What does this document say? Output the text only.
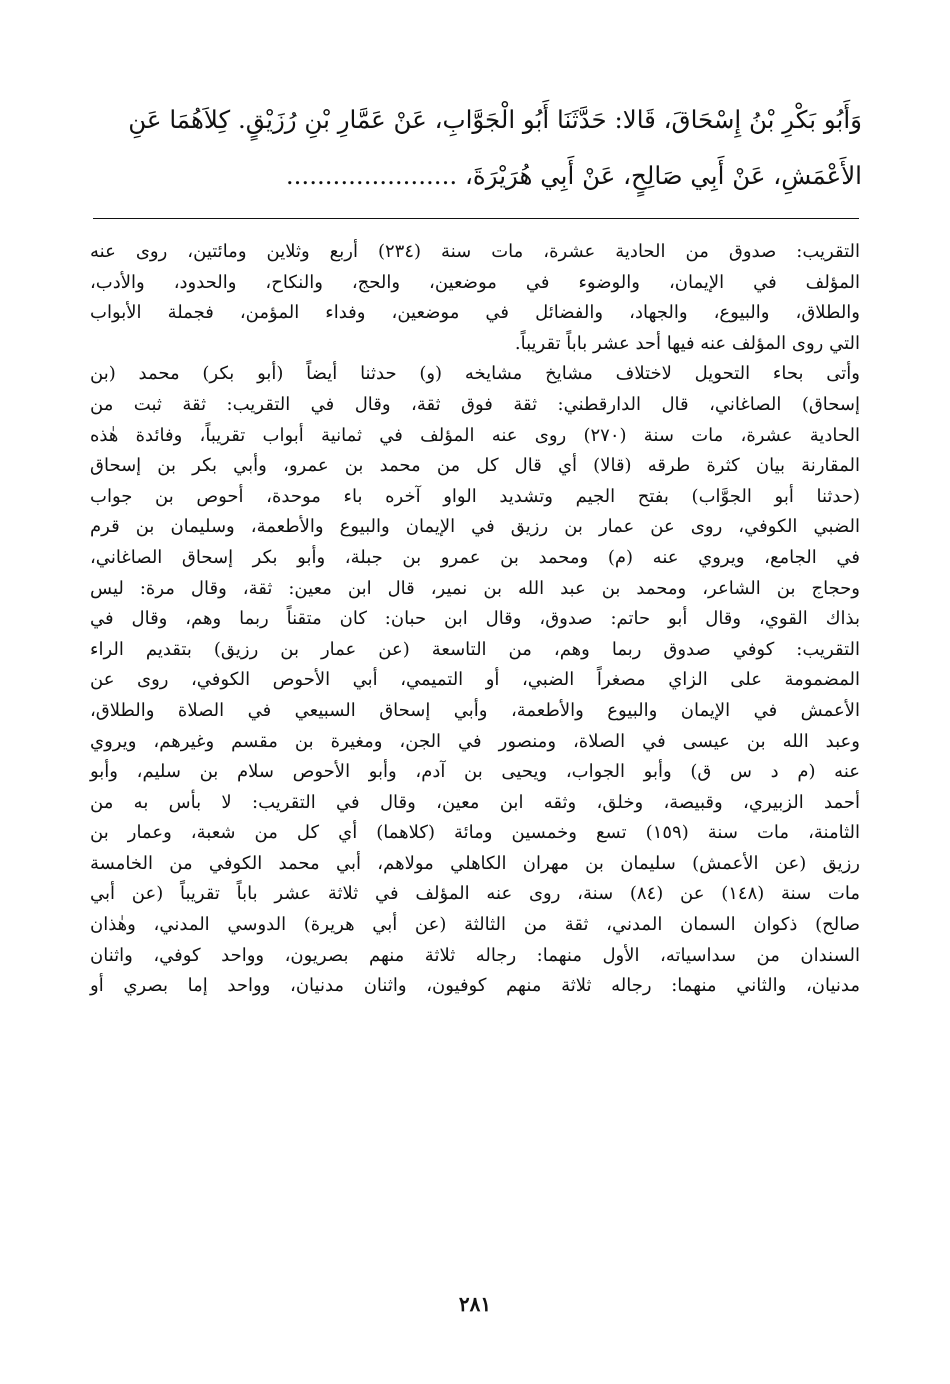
وَأَبُو بَكْرِ بْنُ إِسْحَاقَ، قَالا: حَدَّثَنَا أَبُو الْجَوَّابِ، عَنْ عَمَّارِ بْنِ رُزَيْقٍ. كِلاَهُمَا عَنِ

الأَعْمَشِ، عَنْ أَبِي صَالِحٍ، عَنْ أَبِي هُرَيْرَةَ، ......................

التقريب: صدوق من الحادية عشرة، مات سنة (٢٣٤) أربع وثلاين ومائتين، روى عنه

المؤلف في الإيمان، والوضوء في موضعين، والحج، والنكاح، والحدود، والأدب،

والطلاق، والبيوع، والجهاد، والفضائل في موضعين، وفداء المؤمن، فجملة الأبواب

التي روى المؤلف عنه فيها أحد عشر باباً تقريباً.

وأتى بحاء التحويل لاختلاف مشايخ مشايخه (و) حدثنا أيضاً (أبو بكر) محمد (بن

إسحاق) الصاغاني، قال الدارقطني: ثقة فوق ثقة، وقال في التقريب: ثقة ثبت من

الحادية عشرة، مات سنة (٢٧٠) روى عنه المؤلف في ثمانية أبواب تقريباً، وفائدة هٰذه

المقارنة بيان كثرة طرقه (قالا) أي قال كل من محمد بن عمرو، وأبي بكر بن إسحاق

(حدثنا أبو الجوَّاب) بفتح الجيم وتشديد الواو آخره باء موحدة، أحوص بن جواب

الضبي الكوفي، روى عن عمار بن رزيق في الإيمان والبيوع والأطعمة، وسليمان بن قرم

في الجامع، ويروي عنه (م) ومحمد بن عمرو بن جبلة، وأبو بكر إسحاق الصاغاني،

وحجاج بن الشاعر، ومحمد بن عبد الله بن نمير، قال ابن معين: ثقة، وقال مرة: ليس

بذاك القوي، وقال أبو حاتم: صدوق، وقال ابن حبان: كان متقناً ربما وهم، وقال في

التقريب: كوفي صدوق ربما وهم، من التاسعة (عن عمار بن رزيق) بتقديم الراء

المضمومة على الزاي مصغراً الضبي، أو التميمي، أبي الأحوص الكوفي، روى عن

الأعمش في الإيمان والبيوع والأطعمة، وأبي إسحاق السبيعي في الصلاة والطلاق،

وعبد الله بن عيسى في الصلاة، ومنصور في الجن، ومغيرة بن مقسم وغيرهم، ويروي

عنه (م د س ق) وأبو الجواب، ويحيى بن آدم، وأبو الأحوص سلام بن سليم، وأبو

أحمد الزبيري، وقبيصة، وخلق، وثقه ابن معين، وقال في التقريب: لا بأس به من

الثامنة، مات سنة (١٥٩) تسع وخمسين ومائة (كلاهما) أي كل من شعبة، وعمار بن

رزيق (عن الأعمش) سليمان بن مهران الكاهلي مولاهم، أبي محمد الكوفي من الخامسة

مات سنة (١٤٨) عن (٨٤) سنة، روى عنه المؤلف في ثلاثة عشر باباً تقريباً (عن أبي

صالح) ذكوان السمان المدني، ثقة من الثالثة (عن أبي هريرة) الدوسي المدني، وهٰذان

السندان من سداسياته، الأول منهما: رجاله ثلاثة منهم بصريون، وواحد كوفي، واثنان

مدنيان، والثاني منهما: رجاله ثلاثة منهم كوفيون، واثنان مدنيان، وواحد إما بصري أو

٢٨١
